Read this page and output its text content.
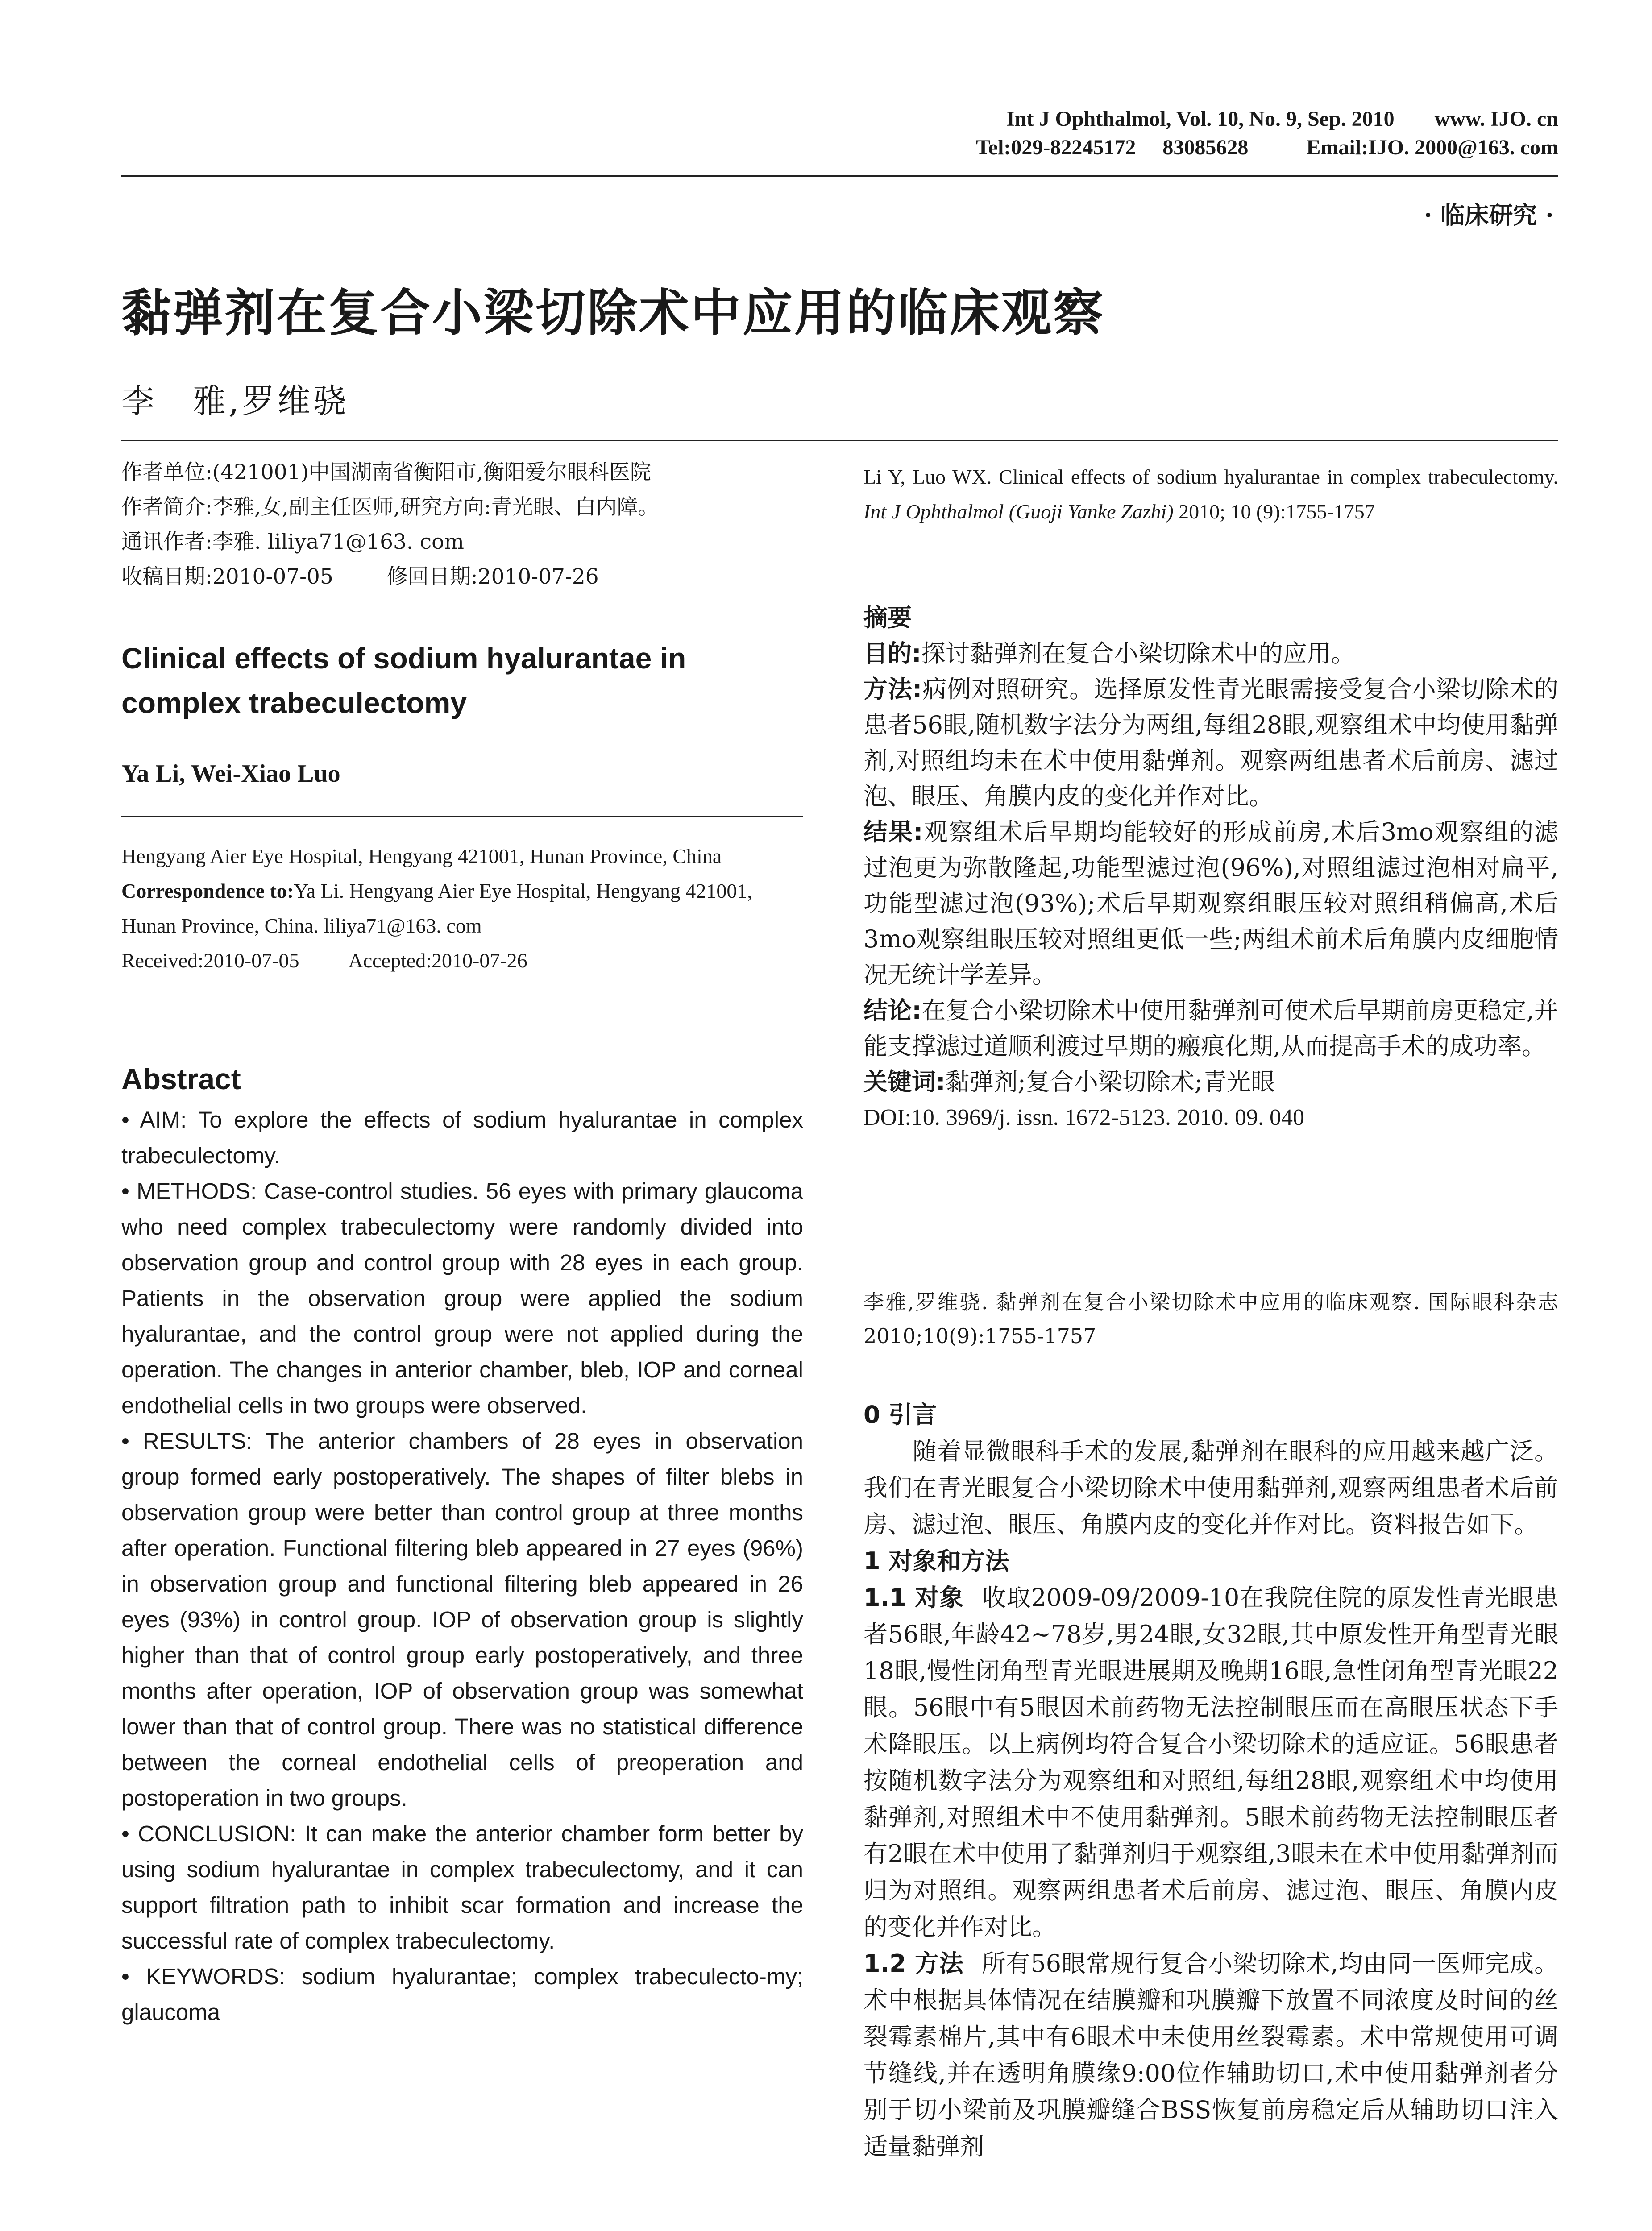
Int J Ophthalmol, Vol. 10, No. 9, Sep. 2010 www. IJO. cn
Tel:029-82245172 83085628	Email:IJO. 2000@163. com
· 临床研究 ·
黏弹剂在复合小梁切除术中应用的临床观察
李　雅,罗维骁
作者单位:(421001)中国湖南省衡阳市,衡阳爱尔眼科医院
作者简介:李雅,女,副主任医师,研究方向:青光眼、白内障。
通讯作者:李雅. liliya71@163. com
收稿日期:2010-07-05	修回日期:2010-07-26
Clinical effects of sodium hyalurantae in complex trabeculectomy
Ya Li, Wei-Xiao Luo
Hengyang Aier Eye Hospital, Hengyang 421001, Hunan Province, China
Correspondence to:Ya Li. Hengyang Aier Eye Hospital, Hengyang 421001, Hunan Province, China. liliya71@163. com
Received:2010-07-05 Accepted:2010-07-26
Abstract

• AIM: To explore the effects of sodium hyalurantae in complex trabeculectomy.

• METHODS: Case-control studies. 56 eyes with primary glaucoma who need complex trabeculectomy were randomly divided into observation group and control group with 28 eyes in each group. Patients in the observation group were applied the sodium hyalurantae, and the control group were not applied during the operation. The changes in anterior chamber, bleb, IOP and corneal endothelial cells in two groups were observed.

• RESULTS: The anterior chambers of 28 eyes in observation group formed early postoperatively. The shapes of filter blebs in observation group were better than control group at three months after operation. Functional filtering bleb appeared in 27 eyes (96%) in observation group and functional filtering bleb appeared in 26 eyes (93%) in control group. IOP of observation group is slightly higher than that of control group early postoperatively, and three months after operation, IOP of observation group was somewhat lower than that of control group. There was no statistical difference between the corneal endothelial cells of preoperation and postoperation in two groups.

• CONCLUSION: It can make the anterior chamber form better by using sodium hyalurantae in complex trabeculectomy, and it can support filtration path to inhibit scar formation and increase the successful rate of complex trabeculectomy.

• KEYWORDS: sodium hyalurantae; complex trabeculecto-my; glaucoma

Li Y, Luo WX. Clinical effects of sodium hyalurantae in complex trabeculectomy. Int J Ophthalmol (Guoji Yanke Zazhi) 2010; 10 (9):1755-1757

摘要

目的:探讨黏弹剂在复合小梁切除术中的应用。

方法:病例对照研究。选择原发性青光眼需接受复合小梁切除术的患者56眼,随机数字法分为两组,每组28眼,观察组术中均使用黏弹剂,对照组均未在术中使用黏弹剂。观察两组患者术后前房、滤过泡、眼压、角膜内皮的变化并作对比。

结果:观察组术后早期均能较好的形成前房,术后3mo观察组的滤过泡更为弥散隆起,功能型滤过泡(96%),对照组滤过泡相对扁平,功能型滤过泡(93%);术后早期观察组眼压较对照组稍偏高,术后3mo观察组眼压较对照组更低一些;两组术前术后角膜内皮细胞情况无统计学差异。

结论:在复合小梁切除术中使用黏弹剂可使术后早期前房更稳定,并能支撑滤过道顺利渡过早期的瘢痕化期,从而提高手术的成功率。

关键词:黏弹剂;复合小梁切除术;青光眼

DOI:10. 3969/j. issn. 1672-5123. 2010. 09. 040

李雅,罗维骁. 黏弹剂在复合小梁切除术中应用的临床观察. 国际眼科杂志 2010;10(9):1755-1757

0 引言

随着显微眼科手术的发展,黏弹剂在眼科的应用越来越广泛。我们在青光眼复合小梁切除术中使用黏弹剂,观察两组患者术后前房、滤过泡、眼压、角膜内皮的变化并作对比。资料报告如下。

1 对象和方法

1.1 对象 收取2009-09/2009-10在我院住院的原发性青光眼患者56眼,年龄42~78岁,男24眼,女32眼,其中原发性开角型青光眼18眼,慢性闭角型青光眼进展期及晚期16眼,急性闭角型青光眼22眼。56眼中有5眼因术前药物无法控制眼压而在高眼压状态下手术降眼压。以上病例均符合复合小梁切除术的适应证。56眼患者按随机数字法分为观察组和对照组,每组28眼,观察组术中均使用黏弹剂,对照组术中不使用黏弹剂。5眼术前药物无法控制眼压者有2眼在术中使用了黏弹剂归于观察组,3眼未在术中使用黏弹剂而归为对照组。观察两组患者术后前房、滤过泡、眼压、角膜内皮的变化并作对比。

1.2 方法 所有56眼常规行复合小梁切除术,均由同一医师完成。术中根据具体情况在结膜瓣和巩膜瓣下放置不同浓度及时间的丝裂霉素棉片,其中有6眼术中未使用丝裂霉素。术中常规使用可调节缝线,并在透明角膜缘9:00位作辅助切口,术中使用黏弹剂者分别于切小梁前及巩膜瓣缝合BSS恢复前房稳定后从辅助切口注入适量黏弹剂
